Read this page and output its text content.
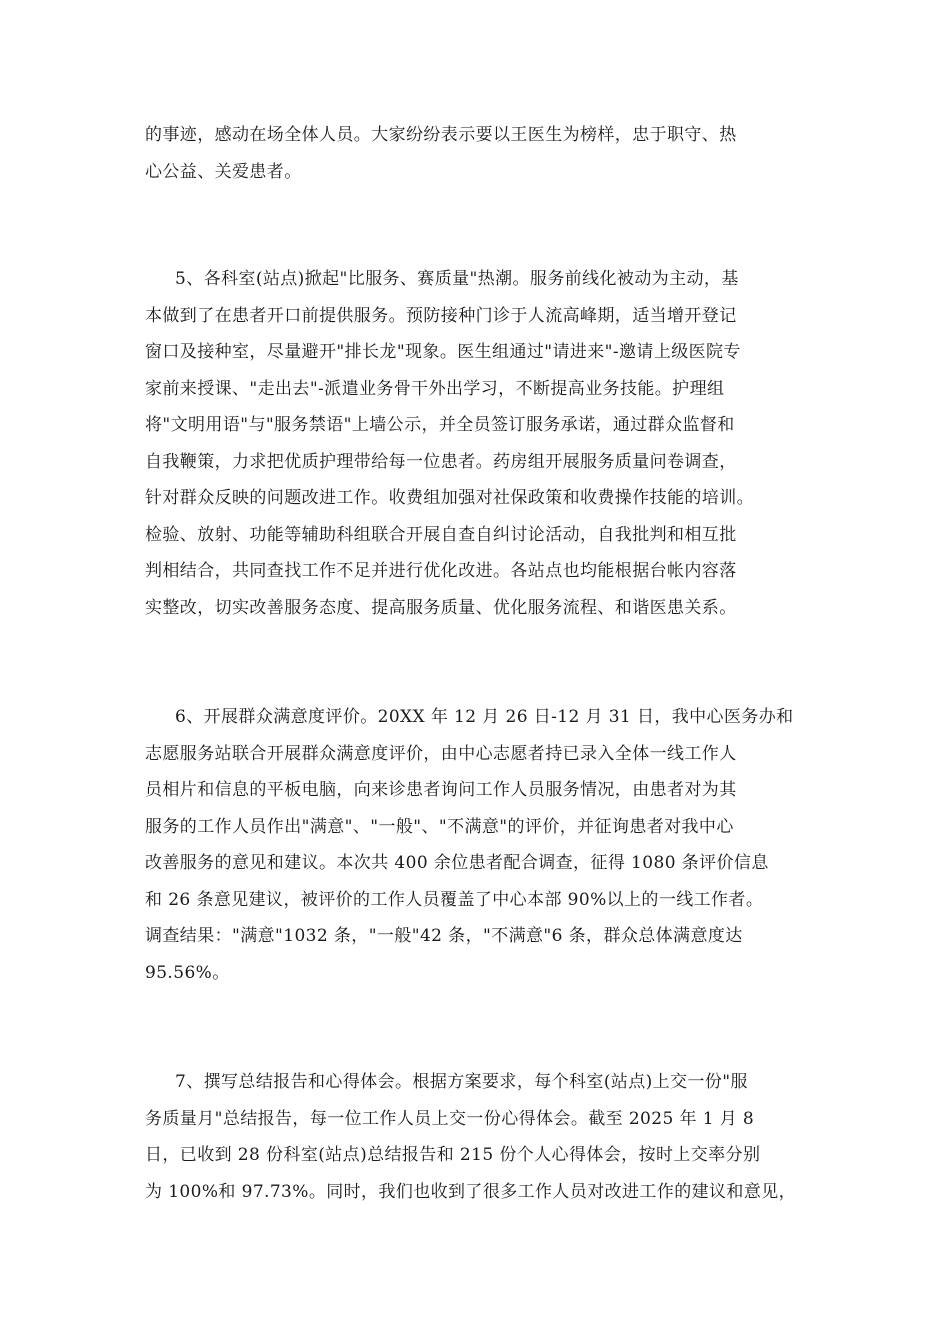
的事迹，感动在场全体人员。大家纷纷表示要以王医生为榜样，忠于职守、热
心公益、关爱患者。
5、各科室(站点)掀起"比服务、赛质量"热潮。服务前线化被动为主动，基
本做到了在患者开口前提供服务。预防接种门诊于人流高峰期，适当增开登记
窗口及接种室，尽量避开"排长龙"现象。医生组通过"请进来"-邀请上级医院专
家前来授课、"走出去"-派遣业务骨干外出学习，不断提高业务技能。护理组
将"文明用语"与"服务禁语"上墙公示，并全员签订服务承诺，通过群众监督和
自我鞭策，力求把优质护理带给每一位患者。药房组开展服务质量问卷调查，
针对群众反映的问题改进工作。收费组加强对社保政策和收费操作技能的培训。
检验、放射、功能等辅助科组联合开展自查自纠讨论活动，自我批判和相互批
判相结合，共同查找工作不足并进行优化改进。各站点也均能根据台帐内容落
实整改，切实改善服务态度、提高服务质量、优化服务流程、和谐医患关系。
6、开展群众满意度评价。20XX 年 12 月 26 日-12 月 31 日，我中心医务办和
志愿服务站联合开展群众满意度评价，由中心志愿者持已录入全体一线工作人
员相片和信息的平板电脑，向来诊患者询问工作人员服务情况，由患者对为其
服务的工作人员作出"满意"、"一般"、"不满意"的评价，并征询患者对我中心
改善服务的意见和建议。本次共 400 余位患者配合调查，征得 1080 条评价信息
和 26 条意见建议，被评价的工作人员覆盖了中心本部 90%以上的一线工作者。
调查结果："满意"1032 条，"一般"42 条，"不满意"6 条，群众总体满意度达
95.56%。
7、撰写总结报告和心得体会。根据方案要求，每个科室(站点)上交一份"服
务质量月"总结报告，每一位工作人员上交一份心得体会。截至 2025 年 1 月 8
日，已收到 28 份科室(站点)总结报告和 215 份个人心得体会，按时上交率分别
为 100%和 97.73%。同时，我们也收到了很多工作人员对改进工作的建议和意见，
